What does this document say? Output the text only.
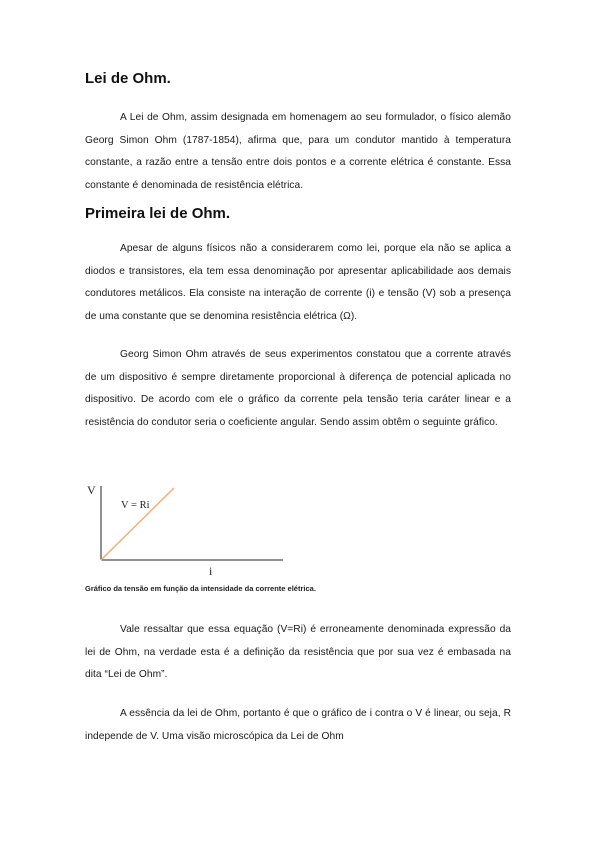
Lei de Ohm.

A Lei de Ohm, assim designada em homenagem ao seu formulador, o físico alemão Georg Simon Ohm (1787-1854), afirma que, para um condutor mantido à temperatura constante, a razão entre a tensão entre dois pontos e a corrente elétrica é constante. Essa constante é denominada de resistência elétrica.

Primeira lei de Ohm.

Apesar de alguns físicos não a considerarem como lei, porque ela não se aplica a diodos e transistores, ela tem essa denominação por apresentar aplicabilidade aos demais condutores metálicos. Ela consiste na interação de corrente (i) e tensão (V) sob a presença de uma constante que se denomina resistência elétrica (Ω).

Georg Simon Ohm através de seus experimentos constatou que a corrente através de um dispositivo é sempre diretamente proporcional à diferença de potencial aplicada no dispositivo. De acordo com ele o gráfico da corrente pela tensão teria caráter linear e a resistência do condutor seria o coeficiente angular. Sendo assim obtêm o seguinte gráfico.

V
i
V = Ri

Gráfico da tensão em função da intensidade da corrente elétrica.

Vale ressaltar que essa equação (V=Ri) é erroneamente denominada expressão da lei de Ohm, na verdade esta é a definição da resistência que por sua vez é embasada na dita “Lei de Ohm”.

A essência da lei de Ohm, portanto é que o gráfico de i contra o V é linear, ou seja, R independe de V. Uma visão microscópica da Lei de Ohm
